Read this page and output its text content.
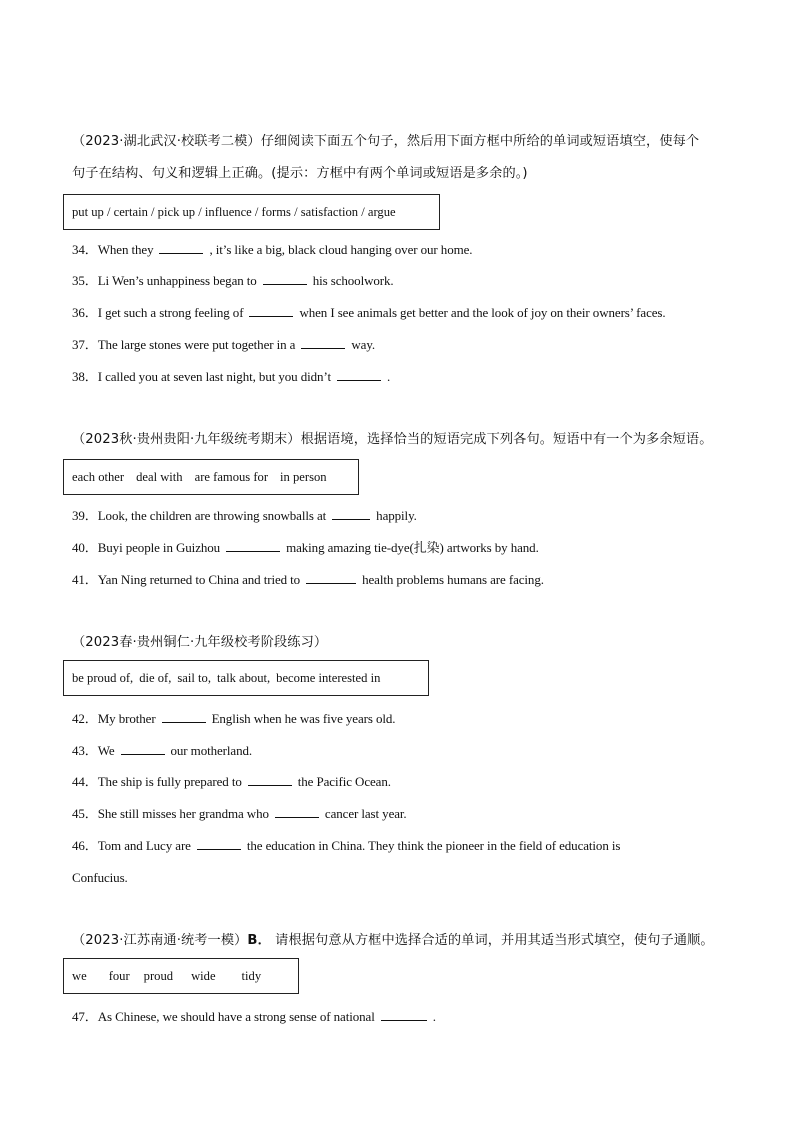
（2023·湖北武汉·校联考二模）仔细阅读下面五个句子，然后用下面方框中所给的单词或短语填空，使每个
句子在结构、句义和逻辑上正确。(提示：方框中有两个单词或短语是多余的。)
put up / certain / pick up / influence / forms / satisfaction / argue
34．When they	, it’s like a big, black cloud hanging over our home.
35．Li Wen’s unhappiness began to	his schoolwork.
36．I get such a strong feeling of	when I see animals get better and the look of joy on their owners’ faces.
37．The large stones were put together in a	way.
38．I called you at seven last night, but you didn’t	.
（2023秋·贵州贵阳·九年级统考期末）根据语境，选择恰当的短语完成下列各句。短语中有一个为多余短语。
each other deal with are famous for in person
39．Look, the children are throwing snowballs at	happily.
40．Buyi people in Guizhou	making amazing tie-dye(扎染) artworks by hand.
41．Yan Ning returned to China and tried to	health problems humans are facing.
（2023春·贵州铜仁·九年级校考阶段练习）
be proud of, die of, sail to, talk about, become interested in
42．My brother	English when he was five years old.
43．We	our motherland.
44．The ship is fully prepared to	the Pacific Ocean.
45．She still misses her grandma who	cancer last year.
46．Tom and Lucy are	the education in China. They think the pioneer in the field of education is
Confucius.
（2023·江苏南通·统考一模）B． 请根据句意从方框中选择合适的单词，并用其适当形式填空，使句子通顺。
we four proud wide tidy
47．As Chinese, we should have a strong sense of national	.
